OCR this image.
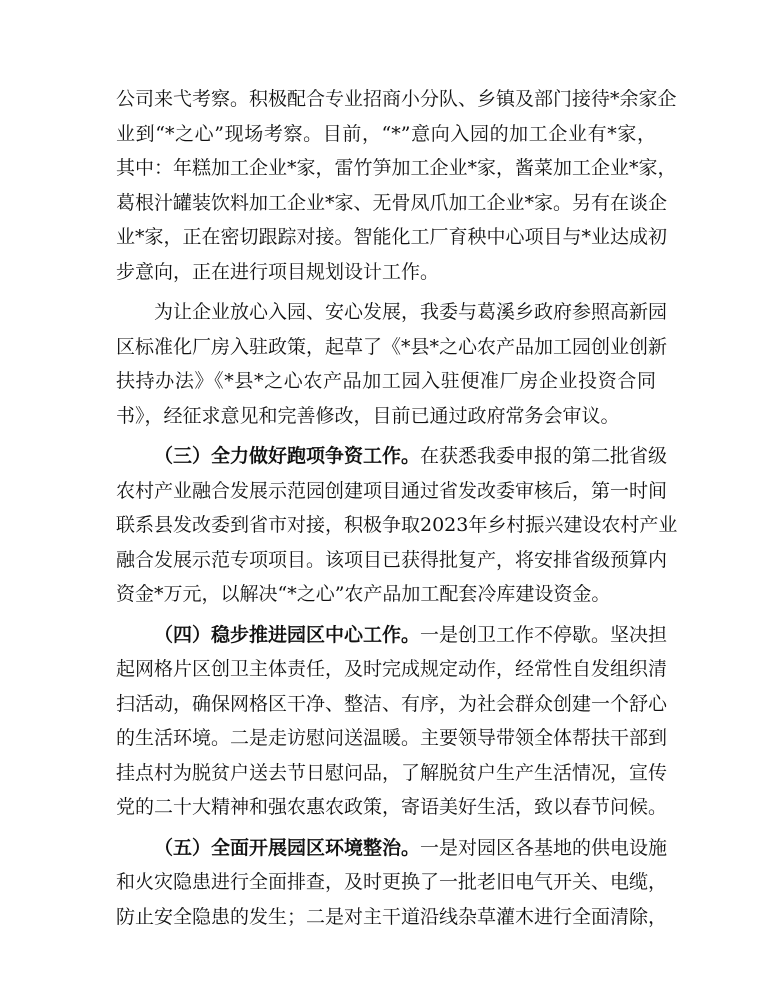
公司来弋考察。积极配合专业招商小分队、乡镇及部门接待*余家企
业到“*之心”现场考察。目前，“*”意向入园的加工企业有*家，
其中：年糕加工企业*家，雷竹笋加工企业*家，酱菜加工企业*家，
葛根汁罐装饮料加工企业*家、无骨凤爪加工企业*家。另有在谈企
业*家，正在密切跟踪对接。智能化工厂育秧中心项目与*业达成初
步意向，正在进行项目规划设计工作。
为让企业放心入园、安心发展，我委与葛溪乡政府参照高新园
区标准化厂房入驻政策，起草了《*县*之心农产品加工园创业创新
扶持办法》《*县*之心农产品加工园入驻便准厂房企业投资合同
书》，经征求意见和完善修改，目前已通过政府常务会审议。
（三）全力做好跑项争资工作。在获悉我委申报的第二批省级
农村产业融合发展示范园创建项目通过省发改委审核后，第一时间
联系县发改委到省市对接，积极争取2023年乡村振兴建设农村产业
融合发展示范专项项目。该项目已获得批复产，将安排省级预算内
资金*万元，以解决“*之心”农产品加工配套冷库建设资金。
（四）稳步推进园区中心工作。一是创卫工作不停歇。坚决担
起网格片区创卫主体责任，及时完成规定动作，经常性自发组织清
扫活动，确保网格区干净、整洁、有序，为社会群众创建一个舒心
的生活环境。二是走访慰问送温暖。主要领导带领全体帮扶干部到
挂点村为脱贫户送去节日慰问品，了解脱贫户生产生活情况，宣传
党的二十大精神和强农惠农政策，寄语美好生活，致以春节问候。
（五）全面开展园区环境整治。一是对园区各基地的供电设施
和火灾隐患进行全面排查，及时更换了一批老旧电气开关、电缆，
防止安全隐患的发生；二是对主干道沿线杂草灌木进行全面清除，
